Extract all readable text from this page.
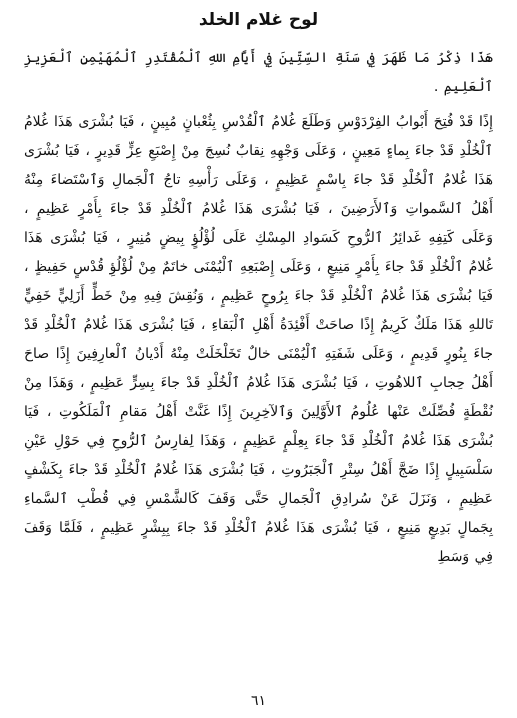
لوح غلام الخلد

هَذَا ذِكْرُ مَا ظَهَرَ فِي سَنَةِ السِّتِّينَ فِي أَيَّامِ اللهِ ٱلْمُقْتَدِرِ ٱلْمُهَيْمِنِ ٱلْعَزِيزِ ٱلْعَلِيمِ .

إِذًا قَدْ فُتِحَ أَبْوابُ الفِرْدَوْسِ وَطَلَعَ غُلامُ ٱلْقُدْسِ بِثُعْبانٍ مُبِينٍ ، فَيَا بُشْرَى هَذَا غُلامُ ٱلْخُلْدِ قَدْ جاءَ بِماءٍ مَعِينٍ ، وَعَلَى وَجْهِهِ نِقابٌ نُسِجَ مِنْ إِصْبَعِ عِزٍّ قَدِيرٍ ، فَيَا بُشْرَى هَذَا غُلامُ ٱلْخُلْدِ قَدْ جاءَ بِاسْمٍ عَظِيمٍ ، وَعَلَى رَأْسِهِ تاجُ ٱلْجَمالِ وَٱسْتَضاءَ مِنْهُ أَهْلُ ٱلسَّمواتِ وَٱلأَرَضِينَ ، فَيَا بُشْرَى هَذَا غُلامُ ٱلْخُلْدِ قَدْ جاءَ بِأَمْرٍ عَظِيمٍ ، وَعَلَى كَتِفِهِ غَدائِرُ ٱلرُّوحِ كَسَوادِ المِسْكِ عَلَى لُؤْلُؤٍ بِيضٍ مُنِيرٍ ، فَيَا بُشْرَى هَذَا غُلامُ ٱلْخُلْدِ قَدْ جاءَ بِأَمْرٍ مَنِيعٍ ، وَعَلَى إِصْبَعِهِ ٱلْيُمْنَى خاتَمٌ مِنْ لُؤْلُؤِ قُدْسٍ حَفِيظٍ ، فَيَا بُشْرَى هَذَا غُلامُ ٱلْخُلْدِ قَدْ جاءَ بِرُوحٍ عَظِيمٍ ، وَنُقِشَ فِيهِ مِنْ خَطٍّ أَزَلِيٍّ خَفِيٍّ تَاللهِ هَذَا مَلَكٌ كَرِيمٌ إِذًا صاحَتْ أَفْئِدَةُ أَهْلِ ٱلْبَقاءِ ، فَيَا بُشْرَى هَذَا غُلامُ ٱلْخُلْدِ قَدْ جاءَ بِنُورٍ قَدِيمٍ ، وَعَلَى شَفَتِهِ ٱلْيُمْنَى خالٌ تَخَلْخَلَتْ مِنْهُ أَدْيانُ ٱلْعارِفِينَ إِذًا صاحَ أَهْلُ حِجابِ ٱللاهُوتِ ، فَيَا بُشْرَى هَذَا غُلامُ ٱلْخُلْدِ قَدْ جاءَ بِسِرٍّ عَظِيمٍ ، وَهَذَا مِنْ نُقْطَةٍ فُصِّلَتْ عَنْها عُلُومُ ٱلأَوَّلِينَ وَٱلآخِرِينَ إِذًا غَنَّتْ أَهْلُ مَقامِ ٱلْمَلَكُوتِ ، فَيَا بُشْرَى هَذَا غُلامُ ٱلْخُلْدِ قَدْ جاءَ بِعِلْمٍ عَظِيمٍ ، وَهَذَا لِفارِسُ ٱلرُّوحِ فِي حَوْلِ عَيْنِ سَلْسَبِيلٍ إِذًا ضَجَّ أَهْلُ سِتْرِ ٱلْجَبَرُوتِ ، فَيَا بُشْرَى هَذَا غُلامُ ٱلْخُلْدِ قَدْ جاءَ بِكَشْفٍ عَظِيمٍ ، وَنَزَلَ عَنْ سُرادِقِ ٱلْجَمالِ حَتَّى وَقَفَ كَالشَّمْسِ فِي قُطْبِ ٱلسَّماءِ بِجَمالٍ بَدِيعٍ مَنِيعٍ ، فَيَا بُشْرَى هَذَا غُلامُ ٱلْخُلْدِ قَدْ جاءَ بِبِشْرٍ عَظِيمٍ ، فَلَمَّا وَقَفَ فِي وَسَطِ

٦١
